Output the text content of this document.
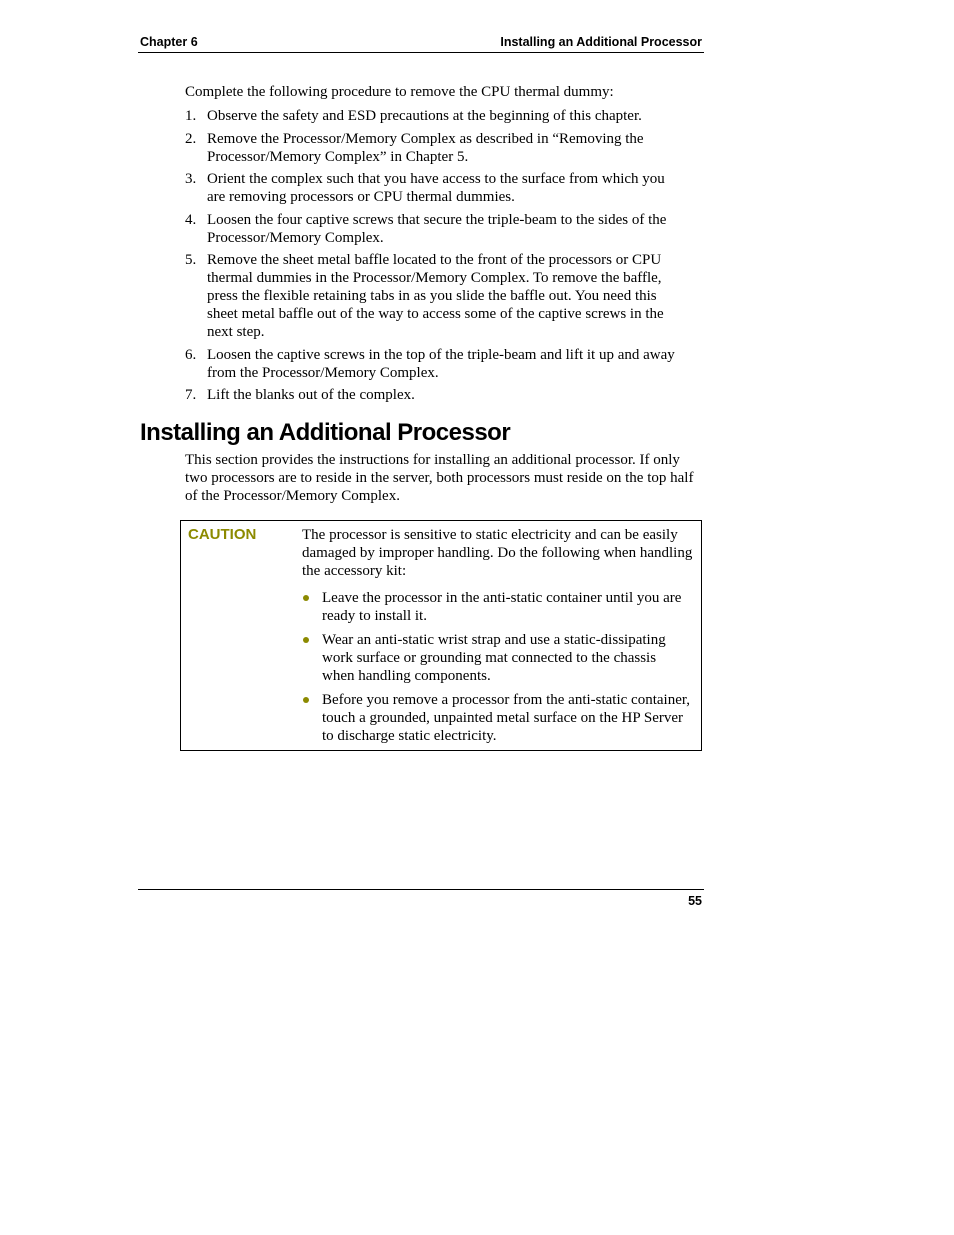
Chapter 6	Installing an Additional Processor

Complete the following procedure to remove the CPU thermal dummy:

1. Observe the safety and ESD precautions at the beginning of this chapter.
2. Remove the Processor/Memory Complex as described in “Removing the Processor/Memory Complex” in Chapter 5.
3. Orient the complex such that you have access to the surface from which you are removing processors or CPU thermal dummies.
4. Loosen the four captive screws that secure the triple-beam to the sides of the Processor/Memory Complex.
5. Remove the sheet metal baffle located to the front of the processors or CPU thermal dummies in the Processor/Memory Complex. To remove the baffle, press the flexible retaining tabs in as you slide the baffle out. You need this sheet metal baffle out of the way to access some of the captive screws in the next step.
6. Loosen the captive screws in the top of the triple-beam and lift it up and away from the Processor/Memory Complex.
7. Lift the blanks out of the complex.
Installing an Additional Processor

This section provides the instructions for installing an additional processor. If only two processors are to reside in the server, both processors must reside on the top half of the Processor/Memory Complex.

CAUTION	The processor is sensitive to static electricity and can be easily damaged by improper handling. Do the following when handling the accessory kit:

Leave the processor in the anti-static container until you are ready to install it.
Wear an anti-static wrist strap and use a static-dissipating work surface or grounding mat connected to the chassis when handling components.
Before you remove a processor from the anti-static container, touch a grounded, unpainted metal surface on the HP Server to discharge static electricity.
55
